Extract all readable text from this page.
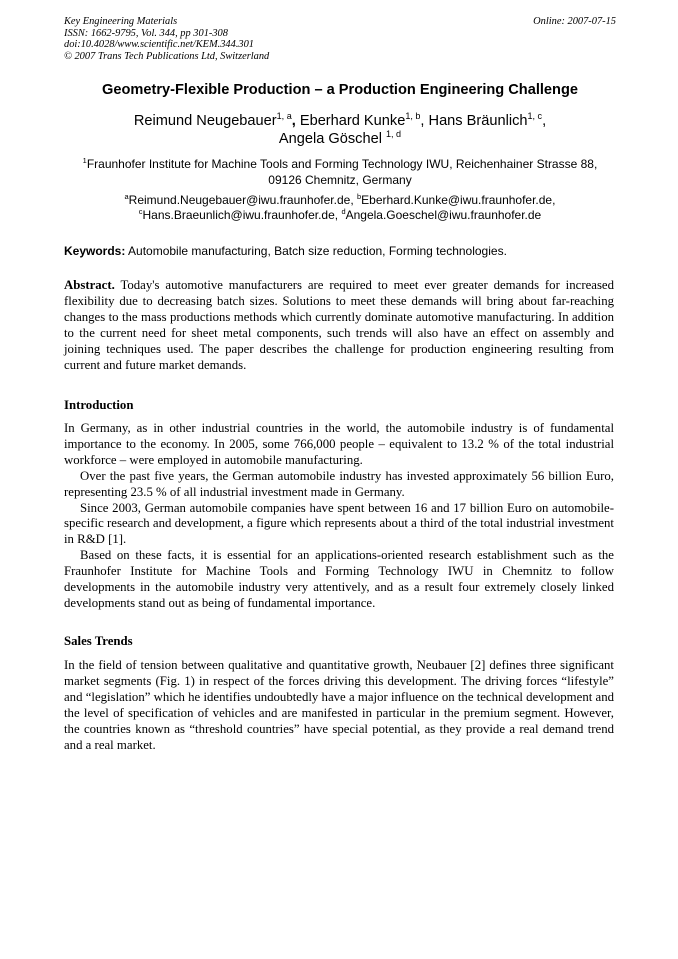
Key Engineering Materials
ISSN: 1662-9795, Vol. 344, pp 301-308
doi:10.4028/www.scientific.net/KEM.344.301
© 2007 Trans Tech Publications Ltd, Switzerland
Online: 2007-07-15
Geometry-Flexible Production – a Production Engineering Challenge
Reimund Neugebauer$^{1, a}$, Eberhard Kunke$^{1, b}$, Hans Bräunlich$^{1, c}$,
Angela Göschel $^{1, d}$
$^1$Fraunhofer Institute for Machine Tools and Forming Technology IWU, Reichenhainer Strasse 88,
09126 Chemnitz, Germany
$^a$Reimund.Neugebauer@iwu.fraunhofer.de, $^b$Eberhard.Kunke@iwu.fraunhofer.de,
$^c$Hans.Braeunlich@iwu.fraunhofer.de, $^d$Angela.Goeschel@iwu.fraunhofer.de
Keywords: Automobile manufacturing, Batch size reduction, Forming technologies.

Abstract. Today's automotive manufacturers are required to meet ever greater demands for increased flexibility due to decreasing batch sizes. Solutions to meet these demands will bring about far-reaching changes to the mass productions methods which currently dominate automotive manufacturing. In addition to the current need for sheet metal components, such trends will also have an effect on assembly and joining techniques used. The paper describes the challenge for production engineering resulting from current and future market demands.

Introduction

In Germany, as in other industrial countries in the world, the automobile industry is of fundamental importance to the economy. In 2005, some 766,000 people – equivalent to 13.2 % of the total industrial workforce – were employed in automobile manufacturing.

Over the past five years, the German automobile industry has invested approximately 56 billion Euro, representing 23.5 % of all industrial investment made in Germany.

Since 2003, German automobile companies have spent between 16 and 17 billion Euro on automobile-specific research and development, a figure which represents about a third of the total industrial investment in R&D [1].

Based on these facts, it is essential for an applications-oriented research establishment such as the Fraunhofer Institute for Machine Tools and Forming Technology IWU in Chemnitz to follow developments in the automobile industry very attentively, and as a result four extremely closely linked developments stand out as being of fundamental importance.

Sales Trends

In the field of tension between qualitative and quantitative growth, Neubauer [2] defines three significant market segments (Fig. 1) in respect of the forces driving this development. The driving forces “lifestyle” and “legislation” which he identifies undoubtedly have a major influence on the technical development and the level of specification of vehicles and are manifested in particular in the premium segment. However, the countries known as “threshold countries” have special potential, as they provide a real demand trend and a real market.
